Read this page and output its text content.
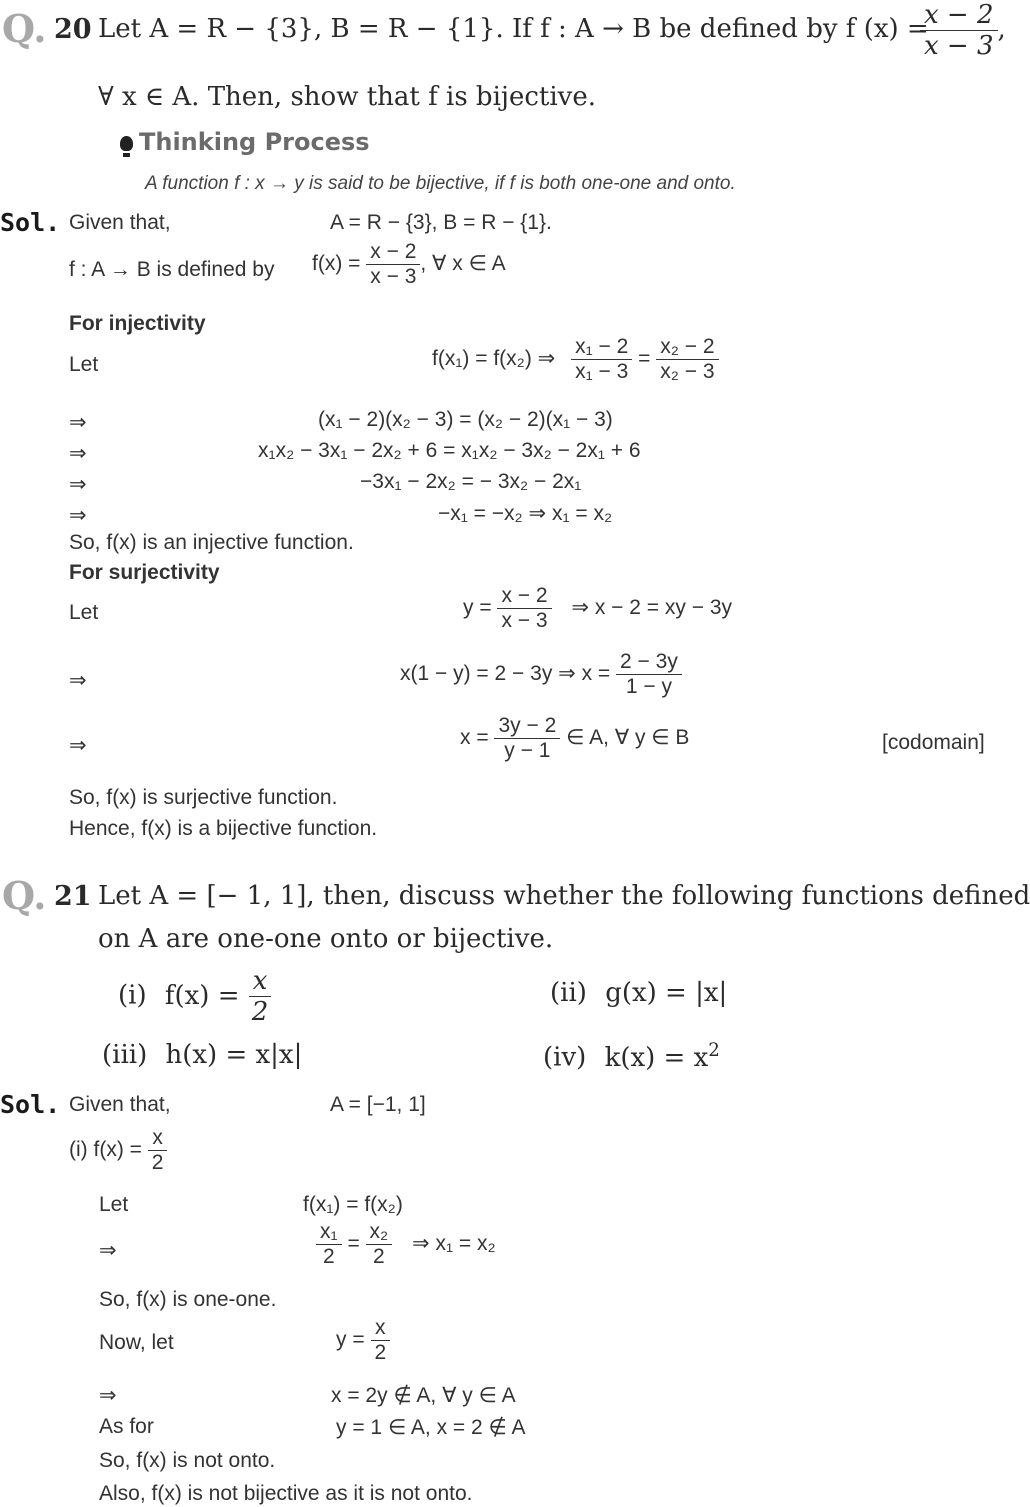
Q. 20 Let A = R − {3}, B = R − {1}. If f : A → B be defined by f (x) =
$\frac{x - 2}{x - 3}$ ,
∀ x ∈ A. Then, show that f is bijective.
Thinking Process
A function f : x → y is said to be bijective, if f is both one-one and onto.
Sol. Given that,	A = R − {3}, B = R − {1}.
f : A → B is defined by $f(x) = \frac{x - 2}{x - 3}$ , ∀ x ∈ A
For injectivity
Let	f(x₁) = f(x₂) ⇒ $\frac{\text{x₁ − 2}}{\text{x₁ − 3}} = \frac{\text{x₂ − 2}}{\text{x₂ − 3}}$
⇒	(x₁ − 2)(x₂ − 3) = (x₂ − 2)(x₁ − 3)
⇒	x₁x₂ − 3x₁ − 2x₂ + 6 = x₁x₂ − 3x₂ − 2x₁ + 6
⇒	−3x₁ − 2x₂ = − 3x₂ − 2x₁
⇒	−x₁ = −x₂ ⇒ x₁ = x₂
So, f(x) is an injective function.
For surjectivity
Let	$y = \frac{x - 2}{x - 3}$ ⇒ x − 2 = xy − 3y
⇒	x(1 − y) = 2 − 3y ⇒ $x = \frac{2 - 3y}{1 - y}$
⇒	$x = \frac{3y - 2}{y - 1}$ ∈ A, ∀ y ∈ B	[codomain]
So, f(x) is surjective function.
Hence, f(x) is a bijective function.
Q. 21 Let A = [− 1, 1], then, discuss whether the following functions defined
on A are one-one onto or bijective.
(i) $f(x) = \frac{x}{2}$	(ii) g(x) = |x|
(iii) h(x) = x|x|	(iv) $k(x) = x^2$
Sol. Given that,	A = [−1, 1]
(i) $f(x) = \frac{x}{2}$
Let	f(x₁) = f(x₂)
⇒	$\frac{\text{x₁}}{2} = \frac{\text{x₂}}{2}$ ⇒ x₁ = x₂
So, f(x) is one-one.
Now, let	$y = \frac{x}{2}$
⇒	x = 2y ∉ A, ∀ y ∈ A
As for	y = 1 ∈ A, x = 2 ∉ A
So, f(x) is not onto.
Also, f(x) is not bijective as it is not onto.
